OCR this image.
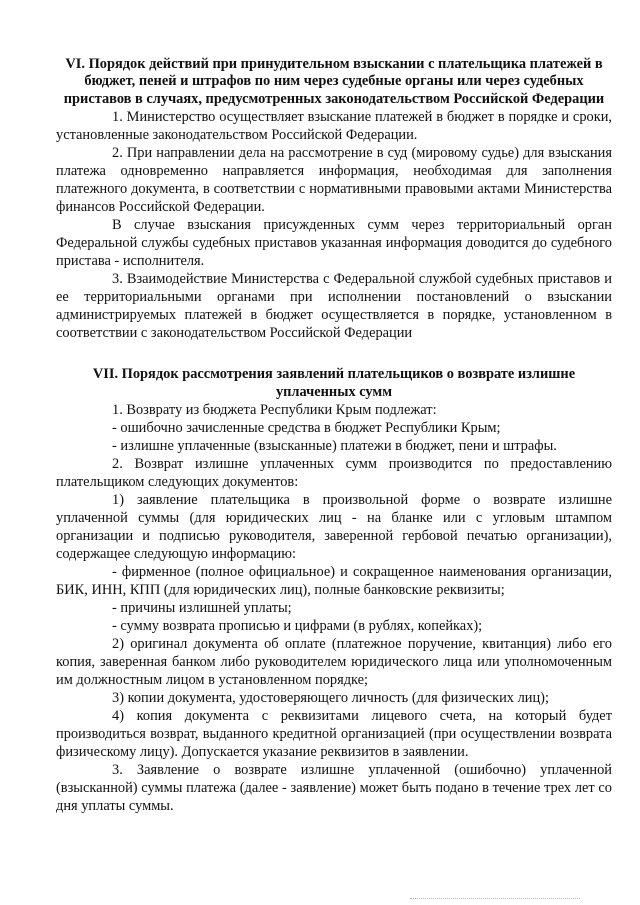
VI. Порядок действий при принудительном взыскании с плательщика платежей в бюджет, пеней и штрафов по ним через судебные органы или через судебных приставов в случаях, предусмотренных законодательством Российской Федерации

1. Министерство осуществляет взыскание платежей в бюджет в порядке и сроки, установленные законодательством Российской Федерации.

2. При направлении дела на рассмотрение в суд (мировому судье) для взыскания платежа одновременно направляется информация, необходимая для заполнения платежного документа, в соответствии с нормативными правовыми актами Министерства финансов Российской Федерации.

В случае взыскания присужденных сумм через территориальный орган Федеральной службы судебных приставов указанная информация доводится до судебного пристава - исполнителя.

3. Взаимодействие Министерства с Федеральной службой судебных приставов и ее территориальными органами при исполнении постановлений о взыскании администрируемых платежей в бюджет осуществляется в порядке, установленном в соответствии с законодательством Российской Федерации

VII. Порядок рассмотрения заявлений плательщиков о возврате излишне уплаченных сумм

1. Возврату из бюджета Республики Крым подлежат:

- ошибочно зачисленные средства в бюджет Республики Крым;

- излишне уплаченные (взысканные) платежи в бюджет, пени и штрафы.

2. Возврат излишне уплаченных сумм производится по предоставлению плательщиком следующих документов:

1) заявление плательщика в произвольной форме о возврате излишне уплаченной суммы (для юридических лиц - на бланке или с угловым штампом организации и подписью руководителя, заверенной гербовой печатью организации), содержащее следующую информацию:

- фирменное (полное официальное) и сокращенное наименования организации, БИК, ИНН, КПП (для юридических лиц), полные банковские реквизиты;

- причины излишней уплаты;

- сумму возврата прописью и цифрами (в рублях, копейках);

2) оригинал документа об оплате (платежное поручение, квитанция) либо его копия, заверенная банком либо руководителем юридического лица или уполномоченным им должностным лицом в установленном порядке;

3) копии документа, удостоверяющего личность (для физических лиц);

4) копия документа с реквизитами лицевого счета, на который будет производиться возврат, выданного кредитной организацией (при осуществлении возврата физическому лицу). Допускается указание реквизитов в заявлении.

3. Заявление о возврате излишне уплаченной (ошибочно) уплаченной (взысканной) суммы платежа (далее - заявление) может быть подано в течение трех лет со дня уплаты суммы.
